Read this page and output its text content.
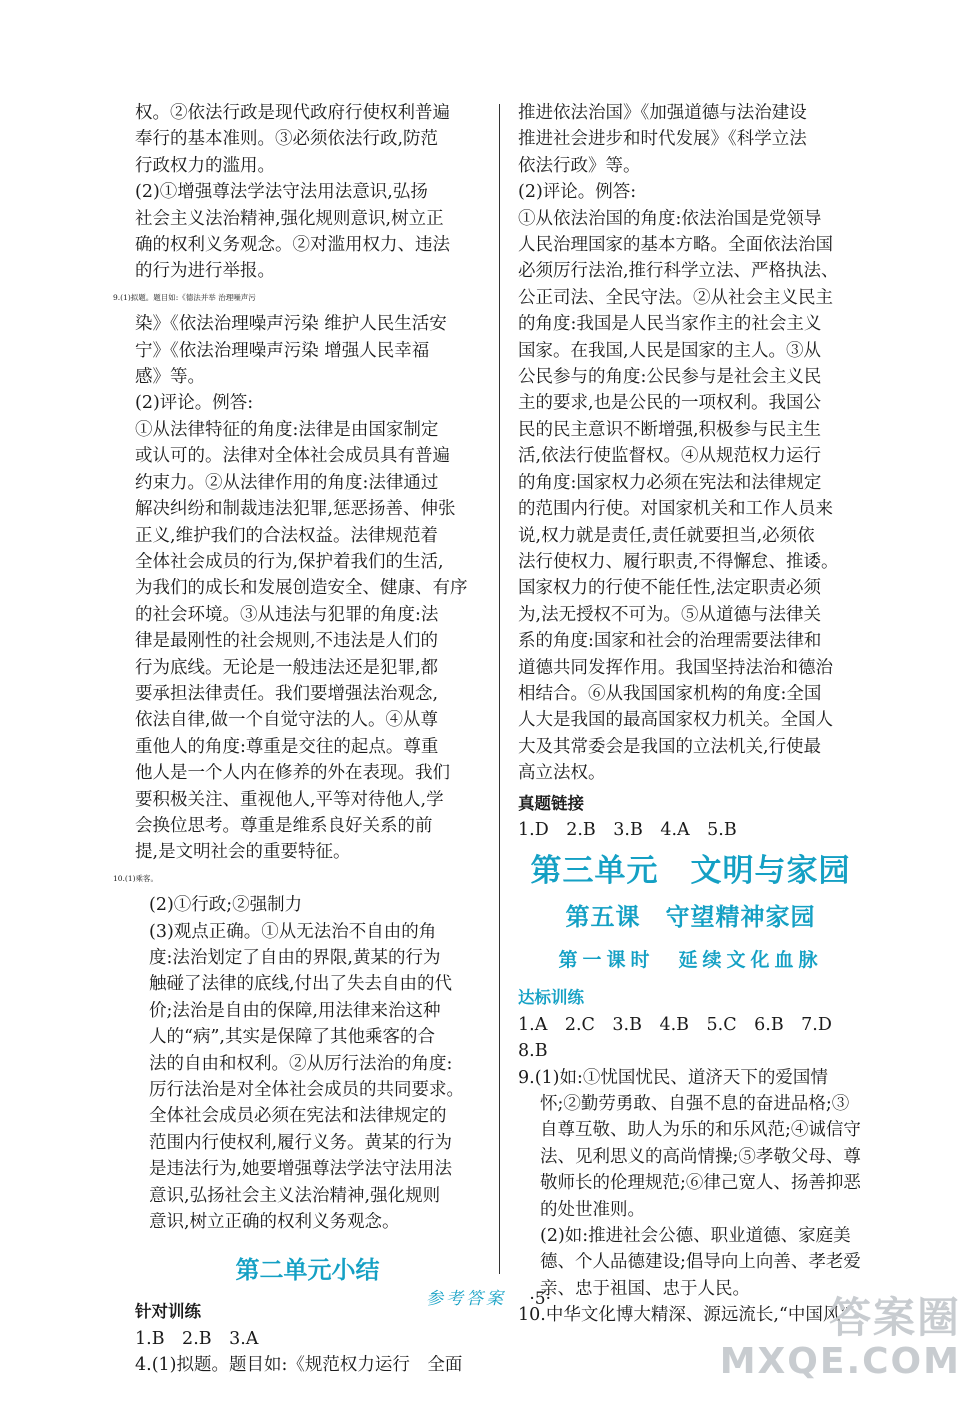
权。②依法行政是现代政府行使权利普遍

奉行的基本准则。③必须依法行政,防范

行政权力的滥用。

(2)①增强尊法学法守法用法意识,弘扬

社会主义法治精神,强化规则意识,树立正

确的权利义务观念。②对滥用权力、违法

的行为进行举报。

9.(1)拟题。题目如:《德法并举 治理噪声污

染》《依法治理噪声污染 维护人民生活安

宁》《依法治理噪声污染 增强人民幸福

感》等。

(2)评论。例答:

①从法律特征的角度:法律是由国家制定

或认可的。法律对全体社会成员具有普遍

约束力。②从法律作用的角度:法律通过

解决纠纷和制裁违法犯罪,惩恶扬善、伸张

正义,维护我们的合法权益。法律规范着

全体社会成员的行为,保护着我们的生活,

为我们的成长和发展创造安全、健康、有序

的社会环境。③从违法与犯罪的角度:法

律是最刚性的社会规则,不违法是人们的

行为底线。无论是一般违法还是犯罪,都

要承担法律责任。我们要增强法治观念,

依法自律,做一个自觉守法的人。④从尊

重他人的角度:尊重是交往的起点。尊重

他人是一个人内在修养的外在表现。我们

要积极关注、重视他人,平等对待他人,学

会换位思考。尊重是维系良好关系的前

提,是文明社会的重要特征。

10.(1)乘客。

(2)①行政;②强制力

(3)观点正确。①从无法治不自由的角

度:法治划定了自由的界限,黄某的行为

触碰了法律的底线,付出了失去自由的代

价;法治是自由的保障,用法律来治这种

人的“病”,其实是保障了其他乘客的合

法的自由和权利。②从厉行法治的角度:

厉行法治是对全体社会成员的共同要求。

全体社会成员必须在宪法和法律规定的

范围内行使权利,履行义务。黄某的行为

是违法行为,她要增强尊法学法守法用法

意识,弘扬社会主义法治精神,强化规则

意识,树立正确的权利义务观念。

第二单元小结

针对训练

1.B　2.B　3.A

4.(1)拟题。题目如:《规范权力运行　全面

推进依法治国》《加强道德与法治建设

推进社会进步和时代发展》《科学立法

依法行政》等。

(2)评论。例答:

①从依法治国的角度:依法治国是党领导

人民治理国家的基本方略。全面依法治国

必须厉行法治,推行科学立法、严格执法、

公正司法、全民守法。②从社会主义民主

的角度:我国是人民当家作主的社会主义

国家。在我国,人民是国家的主人。③从

公民参与的角度:公民参与是社会主义民

主的要求,也是公民的一项权利。我国公

民的民主意识不断增强,积极参与民主生

活,依法行使监督权。④从规范权力运行

的角度:国家权力必须在宪法和法律规定

的范围内行使。对国家机关和工作人员来

说,权力就是责任,责任就要担当,必须依

法行使权力、履行职责,不得懈怠、推诿。

国家权力的行使不能任性,法定职责必须

为,法无授权不可为。⑤从道德与法律关

系的角度:国家和社会的治理需要法律和

道德共同发挥作用。我国坚持法治和德治

相结合。⑥从我国国家机构的角度:全国

人大是我国的最高国家权力机关。全国人

大及其常委会是我国的立法机关,行使最

高立法权。

真题链接

1.D　2.B　3.B　4.A　5.B

第三单元　文明与家园

第五课　守望精神家园

第一课时　延续文化血脉

达标训练

1.A　2.C　3.B　4.B　5.C　6.B　7.D

8.B

9.(1)如:①忧国忧民、道济天下的爱国情

怀;②勤劳勇敢、自强不息的奋进品格;③

自尊互敬、助人为乐的和乐风范;④诚信守

法、见利思义的高尚情操;⑤孝敬父母、尊

敬师长的伦理规范;⑥律己宽人、扬善抑恶

的处世准则。

(2)如:推进社会公德、职业道德、家庭美

德、个人品德建设;倡导向上向善、孝老爱

亲、忠于祖国、忠于人民。

10.中华文化博大精深、源远流长,“中国风”

参考答案 ·5·	答案圈
MXQE.COM
